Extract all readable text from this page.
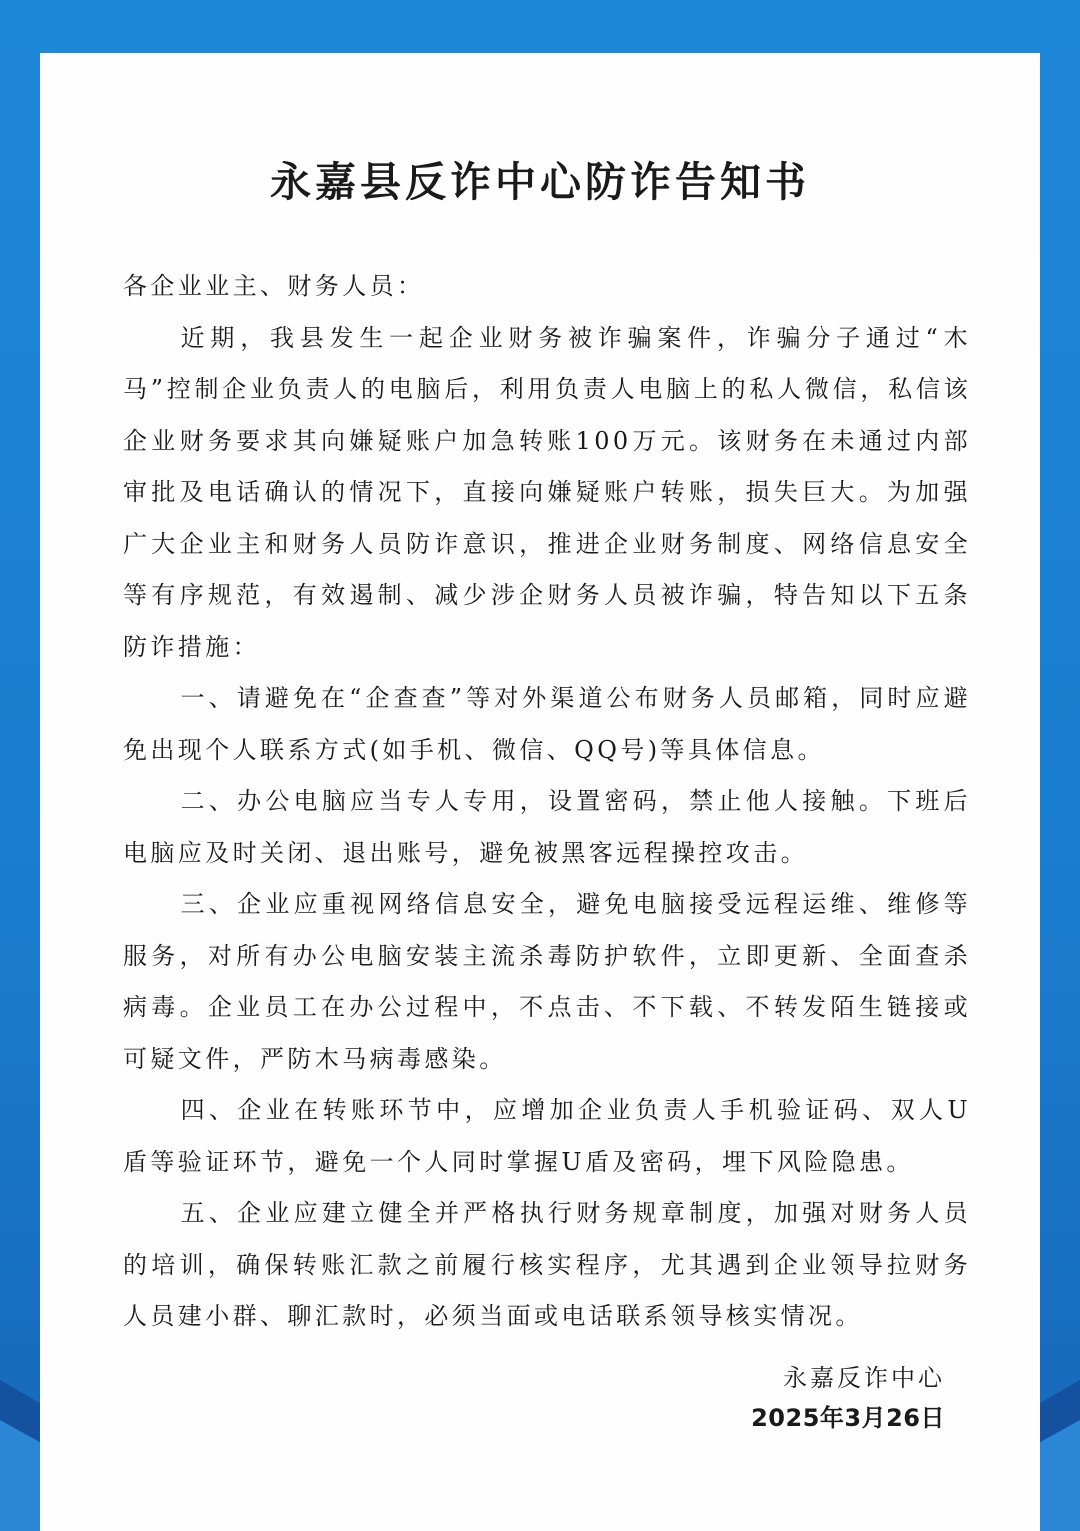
永嘉县反诈中心防诈告知书

各企业业主、财务人员：

近期，我县发生一起企业财务被诈骗案件，诈骗分子通过“木马”控制企业负责人的电脑后，利用负责人电脑上的私人微信，私信该企业财务要求其向嫌疑账户加急转账100万元。该财务在未通过内部审批及电话确认的情况下，直接向嫌疑账户转账，损失巨大。为加强广大企业主和财务人员防诈意识，推进企业财务制度、网络信息安全等有序规范，有效遏制、减少涉企财务人员被诈骗，特告知以下五条防诈措施：

一、请避免在“企查查”等对外渠道公布财务人员邮箱，同时应避免出现个人联系方式(如手机、微信、QQ号)等具体信息。

二、办公电脑应当专人专用，设置密码，禁止他人接触。下班后电脑应及时关闭、退出账号，避免被黑客远程操控攻击。

三、企业应重视网络信息安全，避免电脑接受远程运维、维修等服务，对所有办公电脑安装主流杀毒防护软件，立即更新、全面查杀病毒。企业员工在办公过程中，不点击、不下载、不转发陌生链接或可疑文件，严防木马病毒感染。

四、企业在转账环节中，应增加企业负责人手机验证码、双人U盾等验证环节，避免一个人同时掌握U盾及密码，埋下风险隐患。

五、企业应建立健全并严格执行财务规章制度，加强对财务人员的培训，确保转账汇款之前履行核实程序，尤其遇到企业领导拉财务人员建小群、聊汇款时，必须当面或电话联系领导核实情况。

永嘉反诈中心
2025年3月26日
